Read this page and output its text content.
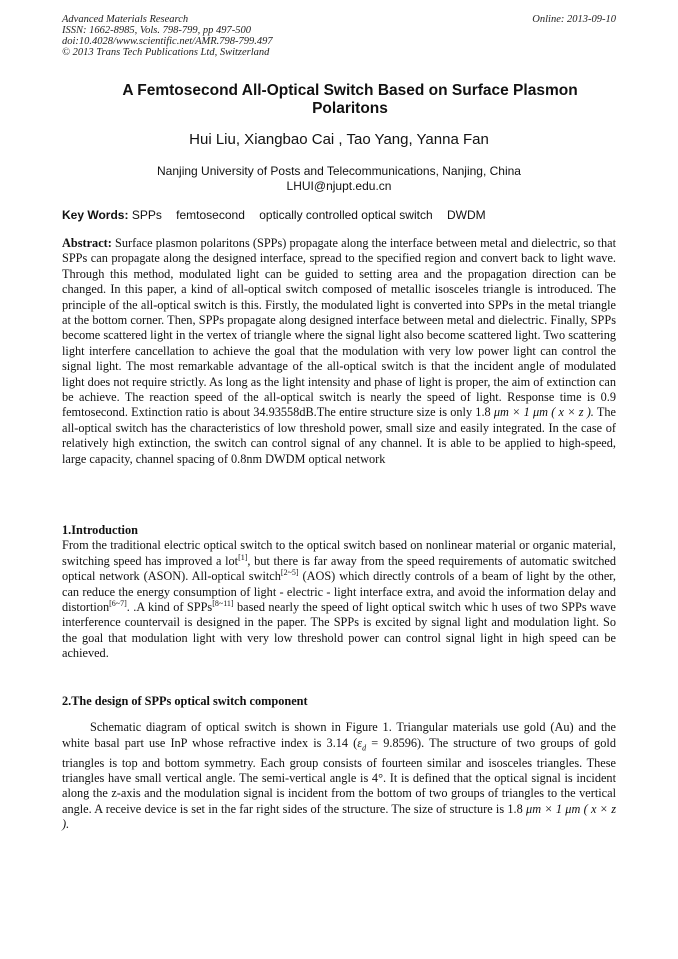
Advanced Materials Research
ISSN: 1662-8985, Vols. 798-799, pp 497-500
doi:10.4028/www.scientific.net/AMR.798-799.497
© 2013 Trans Tech Publications Ltd, Switzerland
Online: 2013-09-10
A Femtosecond All-Optical Switch Based on Surface Plasmon Polaritons
Hui Liu, Xiangbao Cai , Tao Yang, Yanna Fan
Nanjing University of Posts and Telecommunications, Nanjing, China
LHUI@njupt.edu.cn
Key Words: SPPs femtosecond optically controlled optical switch DWDM
Abstract: Surface plasmon polaritons (SPPs) propagate along the interface between metal and dielectric, so that SPPs can propagate along the designed interface, spread to the specified region and convert back to light wave. Through this method, modulated light can be guided to setting area and the propagation direction can be changed. In this paper, a kind of all-optical switch composed of metallic isosceles triangle is introduced. The principle of the all-optical switch is this. Firstly, the modulated light is converted into SPPs in the metal triangle at the bottom corner. Then, SPPs propagate along designed interface between metal and dielectric. Finally, SPPs become scattered light in the vertex of triangle where the signal light also become scattered light. Two scattering light interfere cancellation to achieve the goal that the modulation with very low power light can control the signal light. The most remarkable advantage of the all-optical switch is that the incident angle of modulated light does not require strictly. As long as the light intensity and phase of light is proper, the aim of extinction can be achieve. The reaction speed of the all-optical switch is nearly the speed of light. Response time is 0.9 femtosecond. Extinction ratio is about 34.93558dB.The entire structure size is only 1.8 μm × 1 μm ( x × z ). The all-optical switch has the characteristics of low threshold power, small size and easily integrated. In the case of relatively high extinction, the switch can control signal of any channel. It is able to be applied to high-speed, large capacity, channel spacing of 0.8nm DWDM optical network
1.Introduction
From the traditional electric optical switch to the optical switch based on nonlinear material or organic material, switching speed has improved a lot[1], but there is far away from the speed requirements of automatic switched optical network (ASON). All-optical switch[2~5] (AOS) which directly controls of a beam of light by the other, can reduce the energy consumption of light - electric - light interface extra, and avoid the information delay and distortion[6~7]. .A kind of SPPs[8~11] based nearly the speed of light optical switch whic h uses of two SPPs wave interference countervail is designed in the paper. The SPPs is excited by signal light and modulation light. So the goal that modulation light with very low threshold power can control signal light in high speed can be achieved.
2.The design of SPPs optical switch component

Schematic diagram of optical switch is shown in Figure 1. Triangular materials use gold (Au) and the white basal part use InP whose refractive index is 3.14 $(\varepsilon_d = 9.8596)$. The structure of two groups of gold triangles is top and bottom symmetry. Each group consists of fourteen similar and isosceles triangles. These triangles have small vertical angle. The semi-vertical angle is 4°. It is defined that the optical signal is incident along the z-axis and the modulation signal is incident from the bottom of two groups of triangles to the vertical angle. A receive device is set in the far right sides of the structure. The size of structure is 1.8 μm × 1 μm ( x × z ).
